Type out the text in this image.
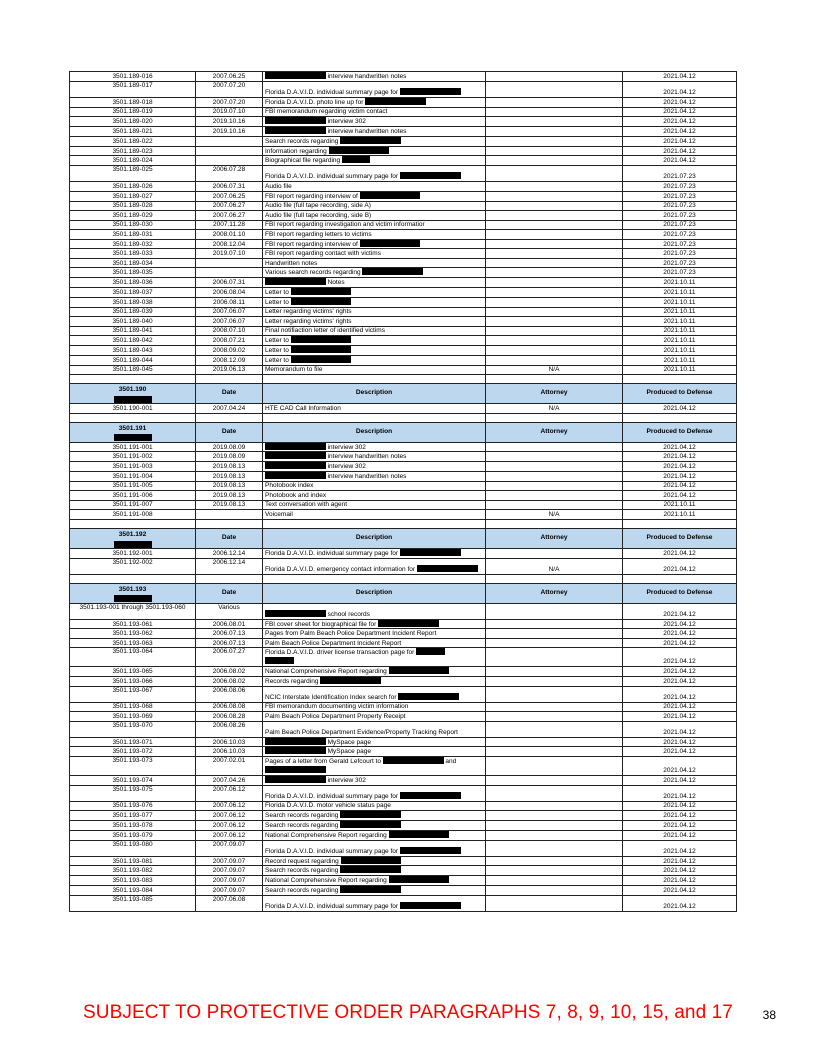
3501.189-016	2007.06.25	interview handwritten notes		2021.04.12
3501.189-017	2007.07.20	Florida D.A.V.I.D. individual summary page for		2021.04.12
3501.189-018	2007.07.20	Florida D.A.V.I.D. photo line up for		2021.04.12
3501.189-019	2019.07.10	FBI memorandum regarding victim contact		2021.04.12
3501.189-020	2019.10.16	interview 302		2021.04.12
3501.189-021	2019.10.16	interview handwritten notes		2021.04.12
3501.189-022		Search records regarding		2021.04.12
3501.189-023		Information regarding		2021.04.12
3501.189-024		Biographical file regarding		2021.04.12
3501.189-025	2006.07.28	Florida D.A.V.I.D. individual summary page for		2021.07.23
3501.189-026	2006.07.31	Audio file		2021.07.23
3501.189-027	2007.06.25	FBI report regarding interview of		2021.07.23
3501.189-028	2007.06.27	Audio file (full tape recording, side A)		2021.07.23
3501.189-029	2007.06.27	Audio file (full tape recording, side B)		2021.07.23
3501.189-030	2007.11.28	FBI report regarding investigation and victim informatior		2021.07.23
3501.189-031	2008.01.10	FBI report regarding letters to victims		2021.07.23
3501.189-032	2008.12.04	FBI report regarding interview of		2021.07.23
3501.189-033	2019.07.10	FBI report regarding contact with victims		2021.07.23
3501.189-034		Handwritten notes		2021.07.23
3501.189-035		Various search records regarding		2021.07.23
3501.189-036	2006.07.31	Notes		2021.10.11
3501.189-037	2006.08.04	Letter to		2021.10.11
3501.189-038	2006.08.11	Letter to		2021.10.11
3501.189-039	2007.06.07	Letter regarding victims' rights		2021.10.11
3501.189-040	2007.06.07	Letter regarding victims' rights		2021.10.11
3501.189-041	2008.07.10	Final notifiaction letter of identified victims		2021.10.11
3501.189-042	2008.07.21	Letter to		2021.10.11
3501.189-043	2008.09.02	Letter to		2021.10.11
3501.189-044	2008.12.09	Letter to		2021.10.11
3501.189-045	2019.06.13	Memorandum to file	N/A	2021.10.11

3501.190	Date	Description	Attorney	Produced to Defense
3501.190-001	2007.04.24	HTE CAD Call Information	N/A	2021.04.12

3501.191	Date	Description	Attorney	Produced to Defense
3501.191-001	2019.08.09	interview 302		2021.04.12
3501.191-002	2019.08.09	interview handwritten notes		2021.04.12
3501.191-003	2019.08.13	interview 302		2021.04.12
3501.191-004	2019.08.13	interview handwritten notes		2021.04.12
3501.191-005	2019.08.13	Photobook index		2021.04.12
3501.191-006	2019.08.13	Photobook and index		2021.04.12
3501.191-007	2019.08.13	Text conversation with agent		2021.10.11
3501.191-008		Voicemail	N/A	2021.10.11

3501.192	Date	Description	Attorney	Produced to Defense
3501.192-001	2006.12.14	Florida D.A.V.I.D. individual summary page for		2021.04.12
3501.192-002	2006.12.14	Florida D.A.V.I.D. emergency contact information for	N/A	2021.04.12

3501.193	Date	Description	Attorney	Produced to Defense
3501.193-001 through 3501.193-060	Various	school records		2021.04.12
3501.193-061	2006.08.01	FBI cover sheet for biographical file for		2021.04.12
3501.193-062	2006.07.13	Pages from Palm Beach Police Department Incident Report		2021.04.12
3501.193-063	2006.07.13	Palm Beach Police Department Incident Report		2021.04.12
3501.193-064	2006.07.27	Florida D.A.V.I.D. driver license transaction page for		2021.04.12
3501.193-065	2006.08.02	National Comprehensive Report regarding		2021.04.12
3501.193-066	2006.08.02	Records regarding		2021.04.12
3501.193-067	2006.08.06	NCIC Interstate Identification Index search for		2021.04.12
3501.193-068	2006.08.08	FBI memorandum documenting victim information		2021.04.12
3501.193-069	2006.08.28	Palm Beach Police Department Property Receipt		2021.04.12
3501.193-070	2006.08.26	Palm Beach Police Department Evidence/Property Tracking Report		2021.04.12
3501.193-071	2006.10.03	MySpace page		2021.04.12
3501.193-072	2006.10.03	MySpace page		2021.04.12
3501.193-073	2007.02.01	Pages of a letter from Gerald Lefcourt to and		2021.04.12
3501.193-074	2007.04.26	interview 302		2021.04.12
3501.193-075	2007.06.12	Florida D.A.V.I.D. individual summary page for		2021.04.12
3501.193-076	2007.06.12	Florida D.A.V.I.D. motor vehicle status page		2021.04.12
3501.193-077	2007.06.12	Search records regarding		2021.04.12
3501.193-078	2007.06.12	Search records regarding		2021.04.12
3501.193-079	2007.06.12	National Comprehensive Report regarding		2021.04.12
3501.193-080	2007.09.07	Florida D.A.V.I.D. individual summary page for		2021.04.12
3501.193-081	2007.09.07	Record request regarding		2021.04.12
3501.193-082	2007.09.07	Search records regarding		2021.04.12
3501.193-083	2007.09.07	National Comprehensive Report regarding		2021.04.12
3501.193-084	2007.09.07	Search records regarding		2021.04.12
3501.193-085	2007.06.08	Florida D.A.V.I.D. individual summary page for		2021.04.12
SUBJECT TO PROTECTIVE ORDER PARAGRAPHS 7, 8, 9, 10, 15, and 17	38
